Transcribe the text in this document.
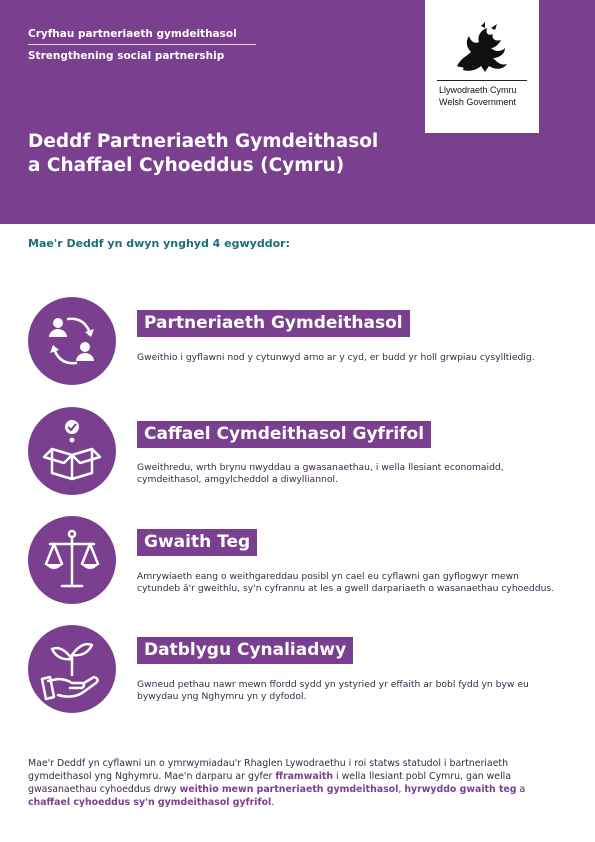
Cryfhau partneriaeth gymdeithasol
Strengthening social partnership
Deddf Partneriaeth Gymdeithasol
a Chaffael Cyhoeddus (Cymru)
Llywodraeth Cymru
Welsh Government
Mae'r Deddf yn dwyn ynghyd 4 egwyddor:
Partneriaeth Gymdeithasol
Gweithio i gyflawni nod y cytunwyd arno ar y cyd, er budd yr holl grwpiau cysylltiedig.
Caffael Cymdeithasol Gyfrifol
Gweithredu, wrth brynu nwyddau a gwasanaethau, i wella llesiant economaidd, cymdeithasol, amgylcheddol a diwylliannol.
Gwaith Teg
Amrywiaeth eang o weithgareddau posibl yn cael eu cyflawni gan gyflogwyr mewn cytundeb â'r gweithlu, sy'n cyfrannu at les a gwell darpariaeth o wasanaethau cyhoeddus.
Datblygu Cynaliadwy
Gwneud pethau nawr mewn ffordd sydd yn ystyried yr effaith ar bobl fydd yn byw eu bywydau yng Nghymru yn y dyfodol.
Mae'r Deddf yn cyflawni un o ymrwymiadau'r Rhaglen Lywodraethu i roi statws statudol i bartneriaeth gymdeithasol yng Nghymru. Mae'n darparu ar gyfer fframwaith i wella llesiant pobl Cymru, gan wella gwasanaethau cyhoeddus drwy weithio mewn partneriaeth gymdeithasol, hyrwyddo gwaith teg a chaffael cyhoeddus sy'n gymdeithasol gyfrifol.
